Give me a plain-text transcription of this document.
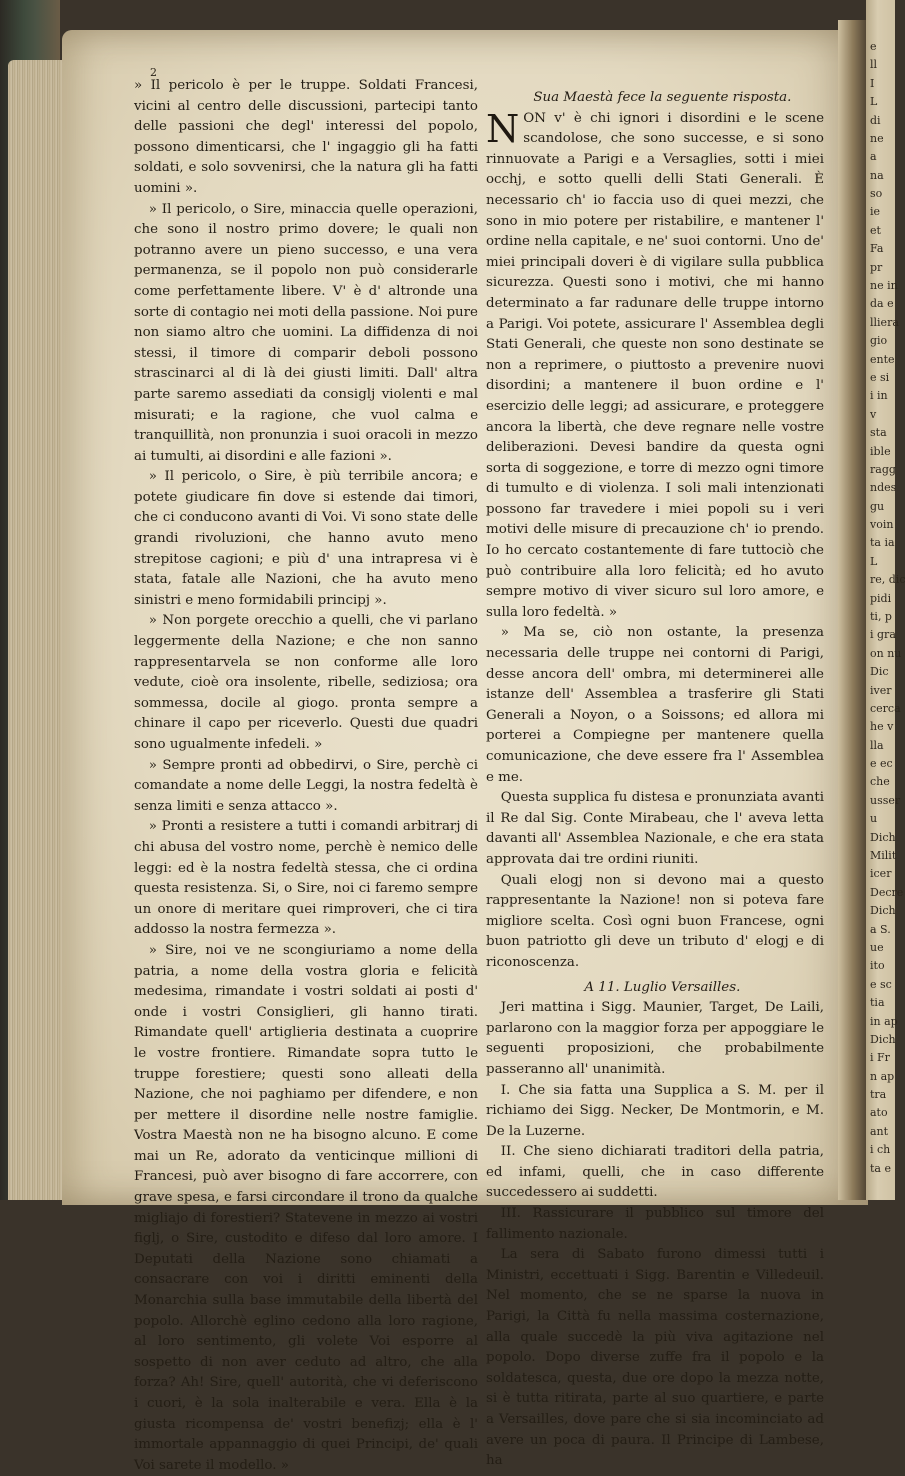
2

» Il pericolo è per le truppe. Soldati Francesi, vicini al centro delle discussioni, partecipi tanto delle passioni che degl' interessi del popolo, possono dimenticarsi, che l' ingaggio gli ha fatti soldati, e solo sovvenirsi, che la natura gli ha fatti uomini ».

» Il pericolo, o Sire, minaccia quelle operazioni, che sono il nostro primo dovere; le quali non potranno avere un pieno successo, e una vera permanenza, se il popolo non può considerarle come perfettamente libere. V' è d' altronde una sorte di contagio nei moti della passione. Noi pure non siamo altro che uomini. La diffidenza di noi stessi, il timore di comparir deboli possono strascinarci al di là dei giusti limiti. Dall' altra parte saremo assediati da consiglj violenti e mal misurati; e la ragione, che vuol calma e tranquillità, non pronunzia i suoi oracoli in mezzo ai tumulti, ai disordini e alle fazioni ».

» Il pericolo, o Sire, è più terribile ancora; e potete giudicare fin dove si estende dai timori, che ci conducono avanti di Voi. Vi sono state delle grandi rivoluzioni, che hanno avuto meno strepitose cagioni; e più d' una intrapresa vi è stata, fatale alle Nazioni, che ha avuto meno sinistri e meno formidabili principj ».

» Non porgete orecchio a quelli, che vi parlano leggermente della Nazione; e che non sanno rappresentarvela se non conforme alle loro vedute, cioè ora insolente, ribelle, sediziosa; ora sommessa, docile al giogo. pronta sempre a chinare il capo per riceverlo. Questi due quadri sono ugualmente infedeli. »

» Sempre pronti ad obbedirvi, o Sire, perchè ci comandate a nome delle Leggi, la nostra fedeltà è senza limiti e senza attacco ».

» Pronti a resistere a tutti i comandi arbitrarj di chi abusa del vostro nome, perchè è nemico delle leggi: ed è la nostra fedeltà stessa, che ci ordina questa resistenza. Si, o Sire, noi ci faremo sempre un onore di meritare quei rimproveri, che ci tira addosso la nostra fermezza ».

» Sire, noi ve ne scongiuriamo a nome della patria, a nome della vostra gloria e felicità medesima, rimandate i vostri soldati ai posti d' onde i vostri Consiglieri, gli hanno tirati. Rimandate quell' artiglieria destinata a cuoprire le vostre frontiere. Rimandate sopra tutto le truppe forestiere; questi sono alleati della Nazione, che noi paghiamo per difendere, e non per mettere il disordine nelle nostre famiglie. Vostra Maestà non ne ha bisogno alcuno. E come mai un Re, adorato da venticinque millioni di Francesi, può aver bisogno di fare accorrere, con grave spesa, e farsi circondare il trono da qualche migliajo di forestieri? Statevene in mezzo ai vostri figlj, o Sire, custodito e difeso dal loro amore. I Deputati della Nazione sono chiamati a consacrare con voi i diritti eminenti della Monarchia sulla base immutabile della libertà del popolo. Allorchè eglino cedono alla loro ragione, al loro sentimento, gli volete Voi esporre al sospetto di non aver ceduto ad altro, che alla forza? Ah! Sire, quell' autorità, che vi deferiscono i cuori, è la sola inalterabile e vera. Ella è la giusta ricompensa de' vostri benefizj; ella è l' immortale appannaggio di quei Principi, de' quali Voi sarete il modello. »

Sua Maestà fece la seguente risposta.

NON v' è chi ignori i disordini e le scene scandolose, che sono successe, e si sono rinnuovate a Parigi e a Versaglies, sotti i miei occhj, e sotto quelli delli Stati Generali. È necessario ch' io faccia uso di quei mezzi, che sono in mio potere per ristabilire, e mantener l' ordine nella capitale, e ne' suoi contorni. Uno de' miei principali doveri è di vigilare sulla pubblica sicurezza. Questi sono i motivi, che mi hanno determinato a far radunare delle truppe intorno a Parigi. Voi potete, assicurare l' Assemblea degli Stati Generali, che queste non sono destinate se non a reprimere, o piuttosto a prevenire nuovi disordini; a mantenere il buon ordine e l' esercizio delle leggi; ad assicurare, e proteggere ancora la libertà, che deve regnare nelle vostre deliberazioni. Devesi bandire da questa ogni sorta di soggezione, e torre di mezzo ogni timore di tumulto e di violenza. I soli mali intenzionati possono far travedere i miei popoli su i veri motivi delle misure di precauzione ch' io prendo. Io ho cercato costantemente di fare tuttociò che può contribuire alla loro felicità; ed ho avuto sempre motivo di viver sicuro sul loro amore, e sulla loro fedeltà. »

» Ma se, ciò non ostante, la presenza necessaria delle truppe nei contorni di Parigi, desse ancora dell' ombra, mi determinerei alle istanze dell' Assemblea a trasferire gli Stati Generali a Noyon, o a Soissons; ed allora mi porterei a Compiegne per mantenere quella comunicazione, che deve essere fra l' Assemblea e me.

Questa supplica fu distesa e pronunziata avanti il Re dal Sig. Conte Mirabeau, che l' aveva letta davanti all' Assemblea Nazionale, e che era stata approvata dai tre ordini riuniti.

Quali elogj non si devono mai a questo rappresentante la Nazione! non si poteva fare migliore scelta. Così ogni buon Francese, ogni buon patriotto gli deve un tributo d' elogj e di riconoscenza.

A 11. Luglio Versailles.

Jeri mattina i Sigg. Maunier, Target, De Laili, parlarono con la maggior forza per appoggiare le seguenti proposizioni, che probabilmente passeranno all' unanimità.

I. Che sia fatta una Supplica a S. M. per il richiamo dei Sigg. Necker, De Montmorin, e M. De la Luzerne.

II. Che sieno dichiarati traditori della patria, ed infami, quelli, che in caso differente succedessero ai suddetti.

III. Rassicurare il pubblico sul timore del fallimento nazionale.

La sera di Sabato furono dimessi tutti i Ministri, eccettuati i Sigg. Barentin e Villedeuil. Nel momento, che se ne sparse la nuova in Parigi, la Città fu nella massima costernazione, alla quale succedè la più viva agitazione nel popolo. Dopo diverse zuffe fra il popolo e la soldatesca, questa, due ore dopo la mezza notte, si è tutta ritirata, parte al suo quartiere, e parte a Versailles, dove pare che si sia incominciato ad avere un poca di paura. Il Principe di Lambese, ha

e
ll
I
L
di
ne
a
na
so
ie
et
Fa
pr
ne in
da e
lliera
gio
ente
e si
i in
v
sta
ible
ragg
ndes
gu
voin
ta ia
L
re, dic
pidi
ti, p
i gra
on nu
Dic
iver
cerca
he v
lla
e ec
che
usser
u
Dich
Milit
icer
Decre
Dich
a S.
ue
ito
e sc
tia
in ap
Dich
i Fr
n ap
tra
ato
ant
i ch
ta e
